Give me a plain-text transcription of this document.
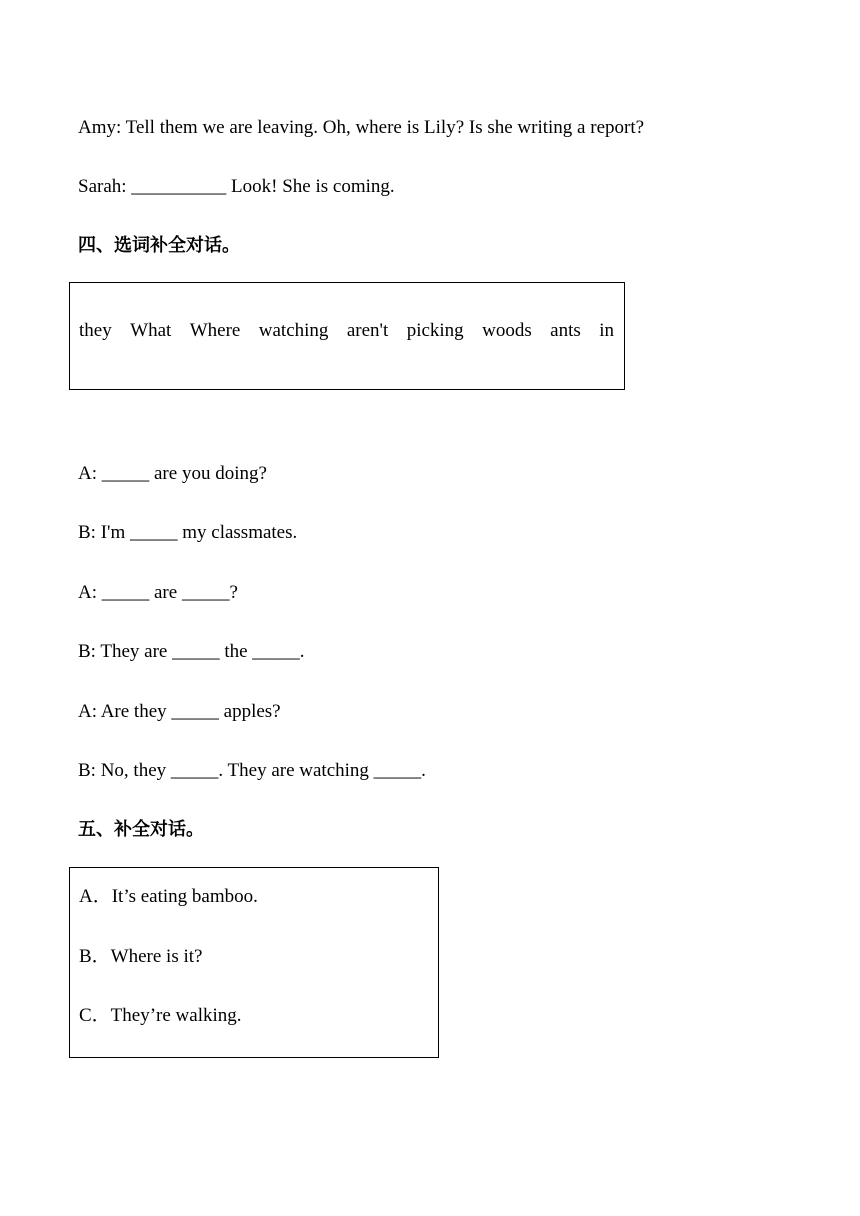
Amy: Tell them we are leaving. Oh, where is Lily? Is she writing a report?
Sarah: __________ Look! She is coming.
四、选词补全对话。
they What Where watching aren't picking woods ants in
A: _____ are you doing?
B: I'm _____ my classmates.
A: _____ are _____?
B: They are _____ the _____.
A: Are they _____ apples?
B: No, they _____. They are watching _____.
五、补全对话。
A．It’s eating bamboo.
B．Where is it?
C．They’re walking.
